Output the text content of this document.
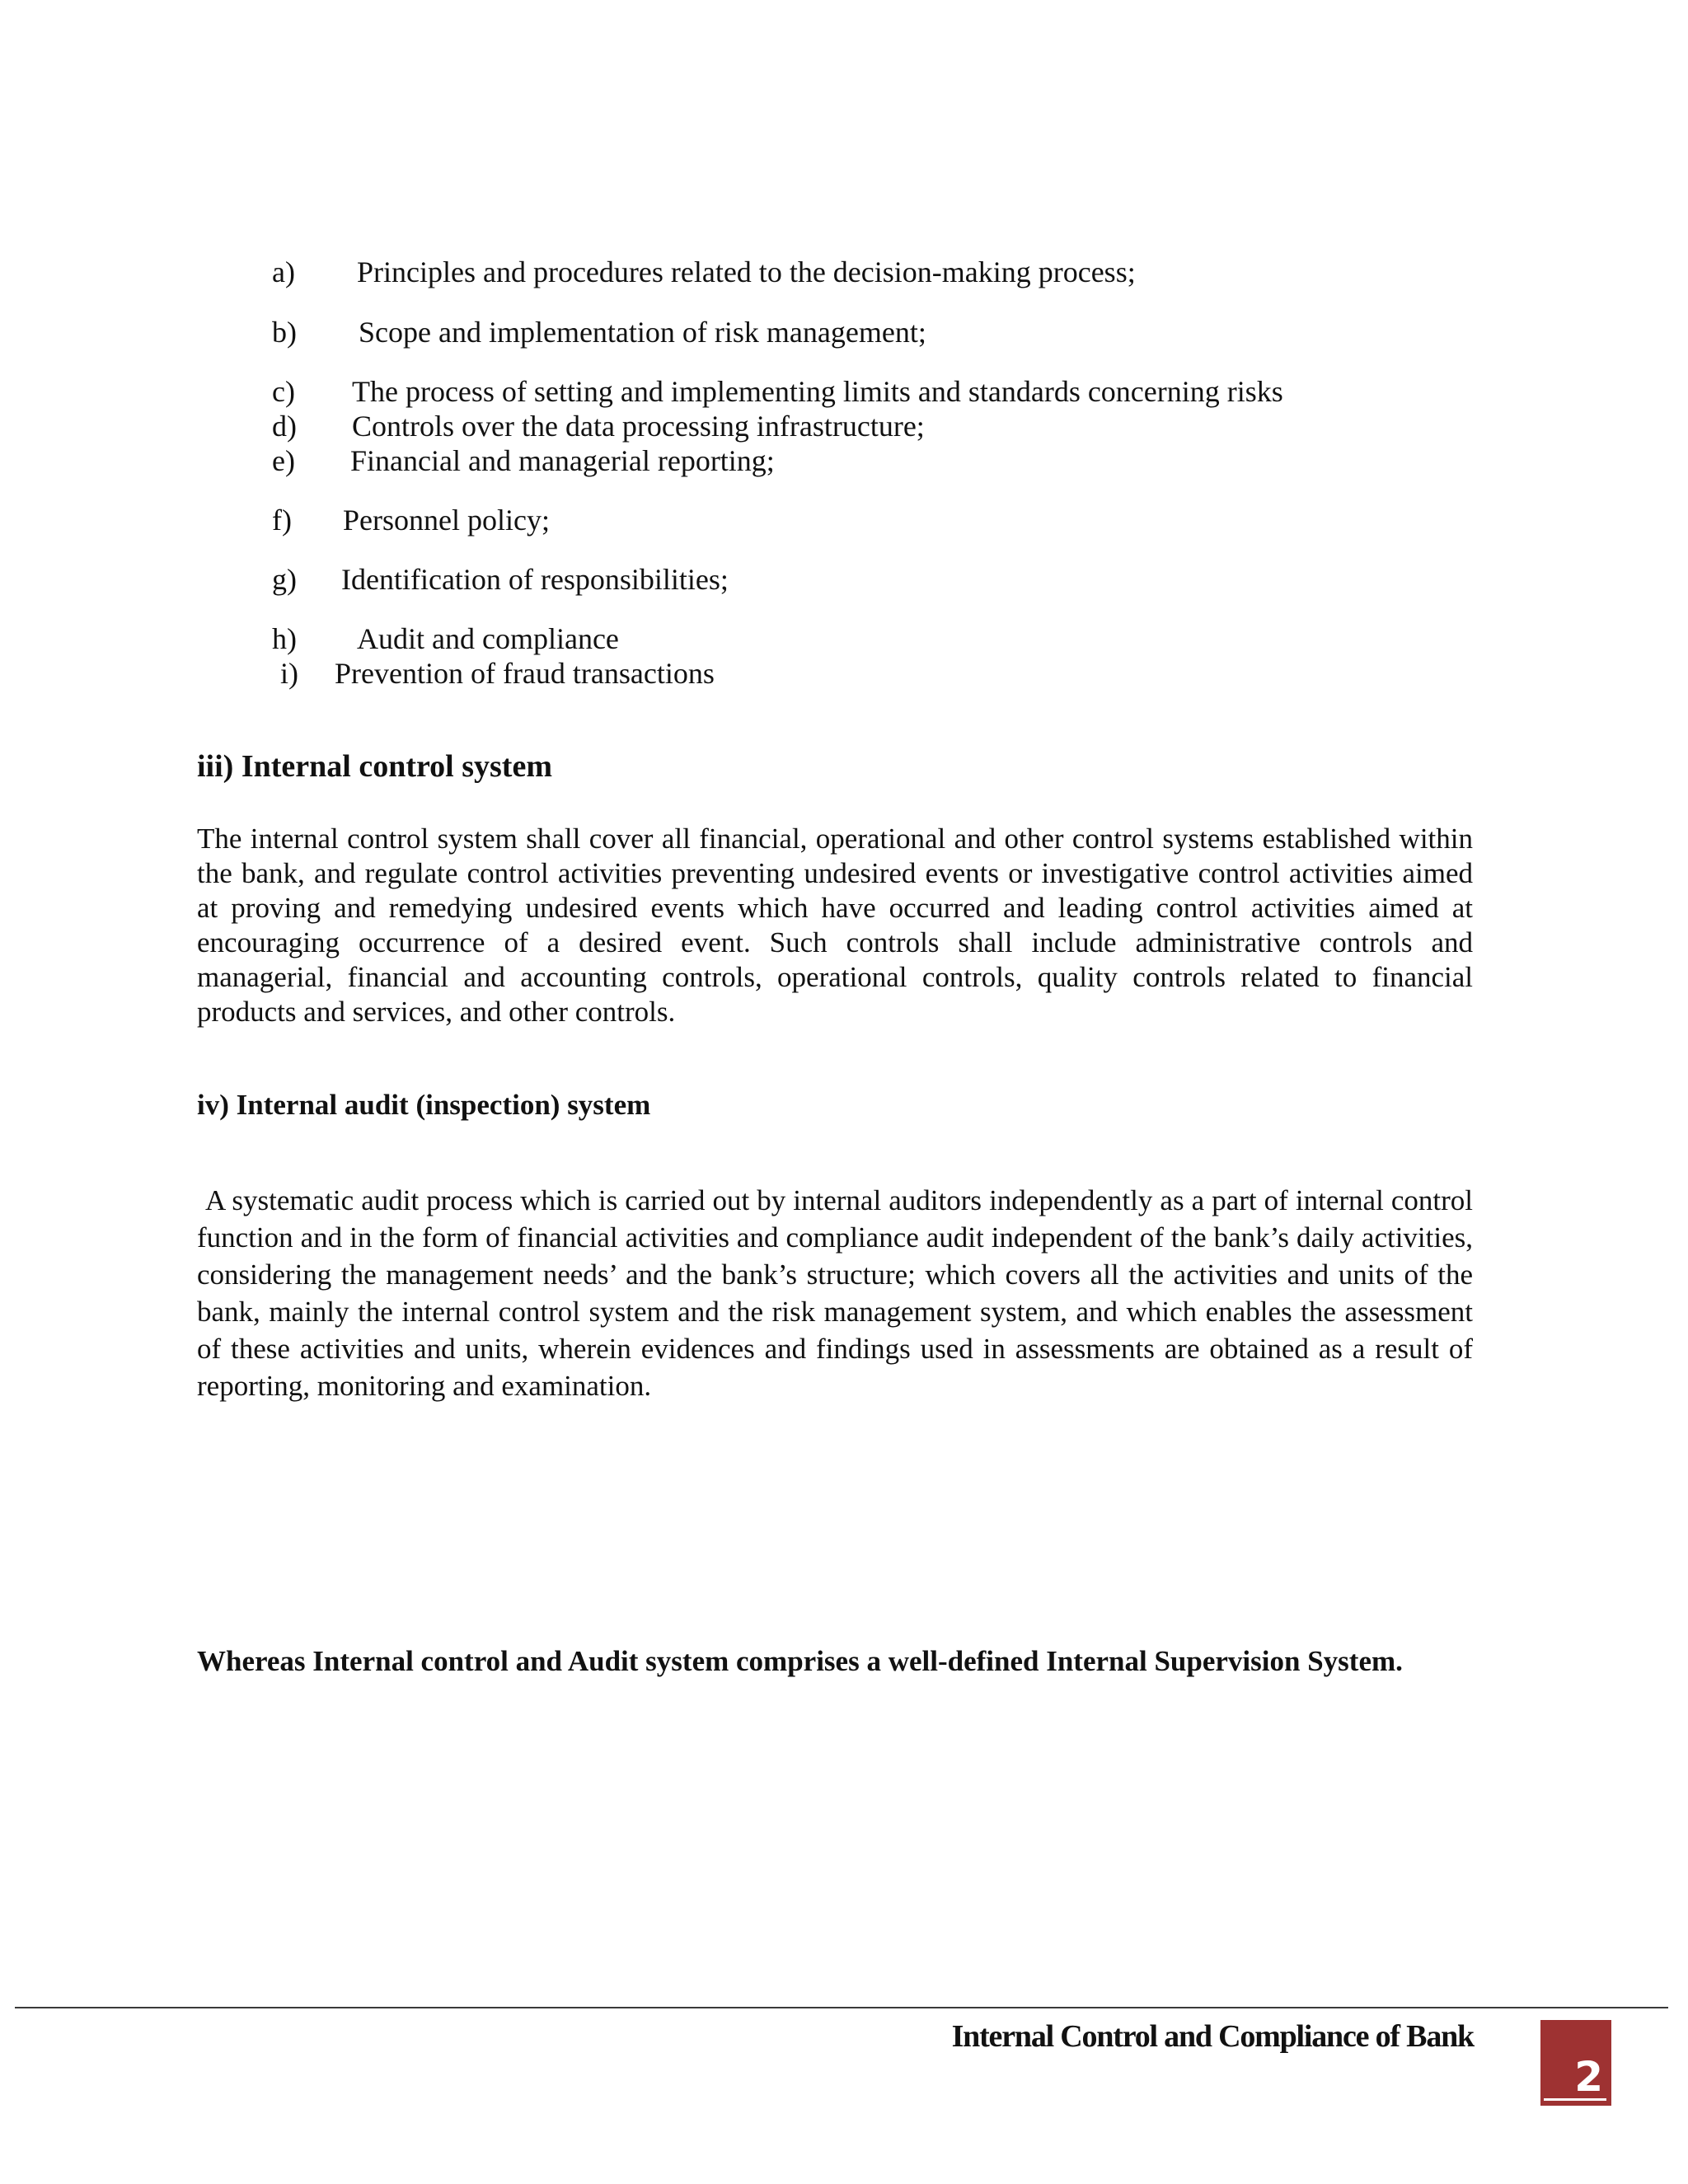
a) Principles and procedures related to the decision-making process;
b) Scope and implementation of risk management;
c) The process of setting and implementing limits and standards concerning risks
d) Controls over the data processing infrastructure;
e) Financial and managerial reporting;
f) Personnel policy;
g) Identification of responsibilities;
h) Audit and compliance
i) Prevention of fraud transactions
iii) Internal control system
The internal control system shall cover all financial, operational and other control systems established within the bank, and regulate control activities preventing undesired events or investigative control activities aimed at proving and remedying undesired events which have occurred and leading control activities aimed at encouraging occurrence of a desired event. Such controls shall include administrative controls and managerial, financial and accounting controls, operational controls, quality controls related to financial products and services, and other controls.
iv) Internal audit (inspection) system
A systematic audit process which is carried out by internal auditors independently as a part of internal control function and in the form of financial activities and compliance audit independent of the bank’s daily activities, considering the management needs’ and the bank’s structure; which covers all the activities and units of the bank, mainly the internal control system and the risk management system, and which enables the assessment of these activities and units, wherein evidences and findings used in assessments are obtained as a result of reporting, monitoring and examination.
Whereas Internal control and Audit system comprises a well-defined Internal Supervision System.
Internal Control and Compliance of Bank
2
